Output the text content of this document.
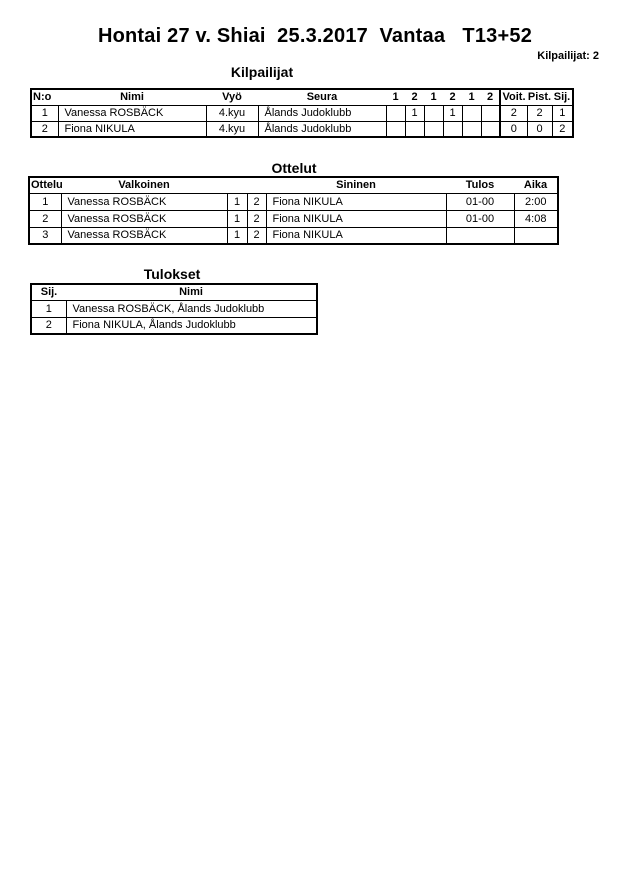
Hontai 27 v. Shiai  25.3.2017  Vantaa   T13+52
Kilpailijat: 2
Kilpailijat
N:o	Nimi	Vyö	Seura	1	2	1	2	1	2	Voit.	Pist.	Sij.
1	Vanessa ROSBÄCK	4.kyu	Ålands Judoklubb		1		1			2	2	1
2	Fiona NIKULA	4.kyu	Ålands Judoklubb							0	0	2
Ottelut
Ottelu	Valkoinen			Sininen	Tulos	Aika
1	Vanessa ROSBÄCK	1	2	Fiona NIKULA	01-00	2:00
2	Vanessa ROSBÄCK	1	2	Fiona NIKULA	01-00	4:08
3	Vanessa ROSBÄCK	1	2	Fiona NIKULA		
Tulokset
Sij.	Nimi
1	Vanessa ROSBÄCK, Ålands Judoklubb
2	Fiona NIKULA, Ålands Judoklubb
